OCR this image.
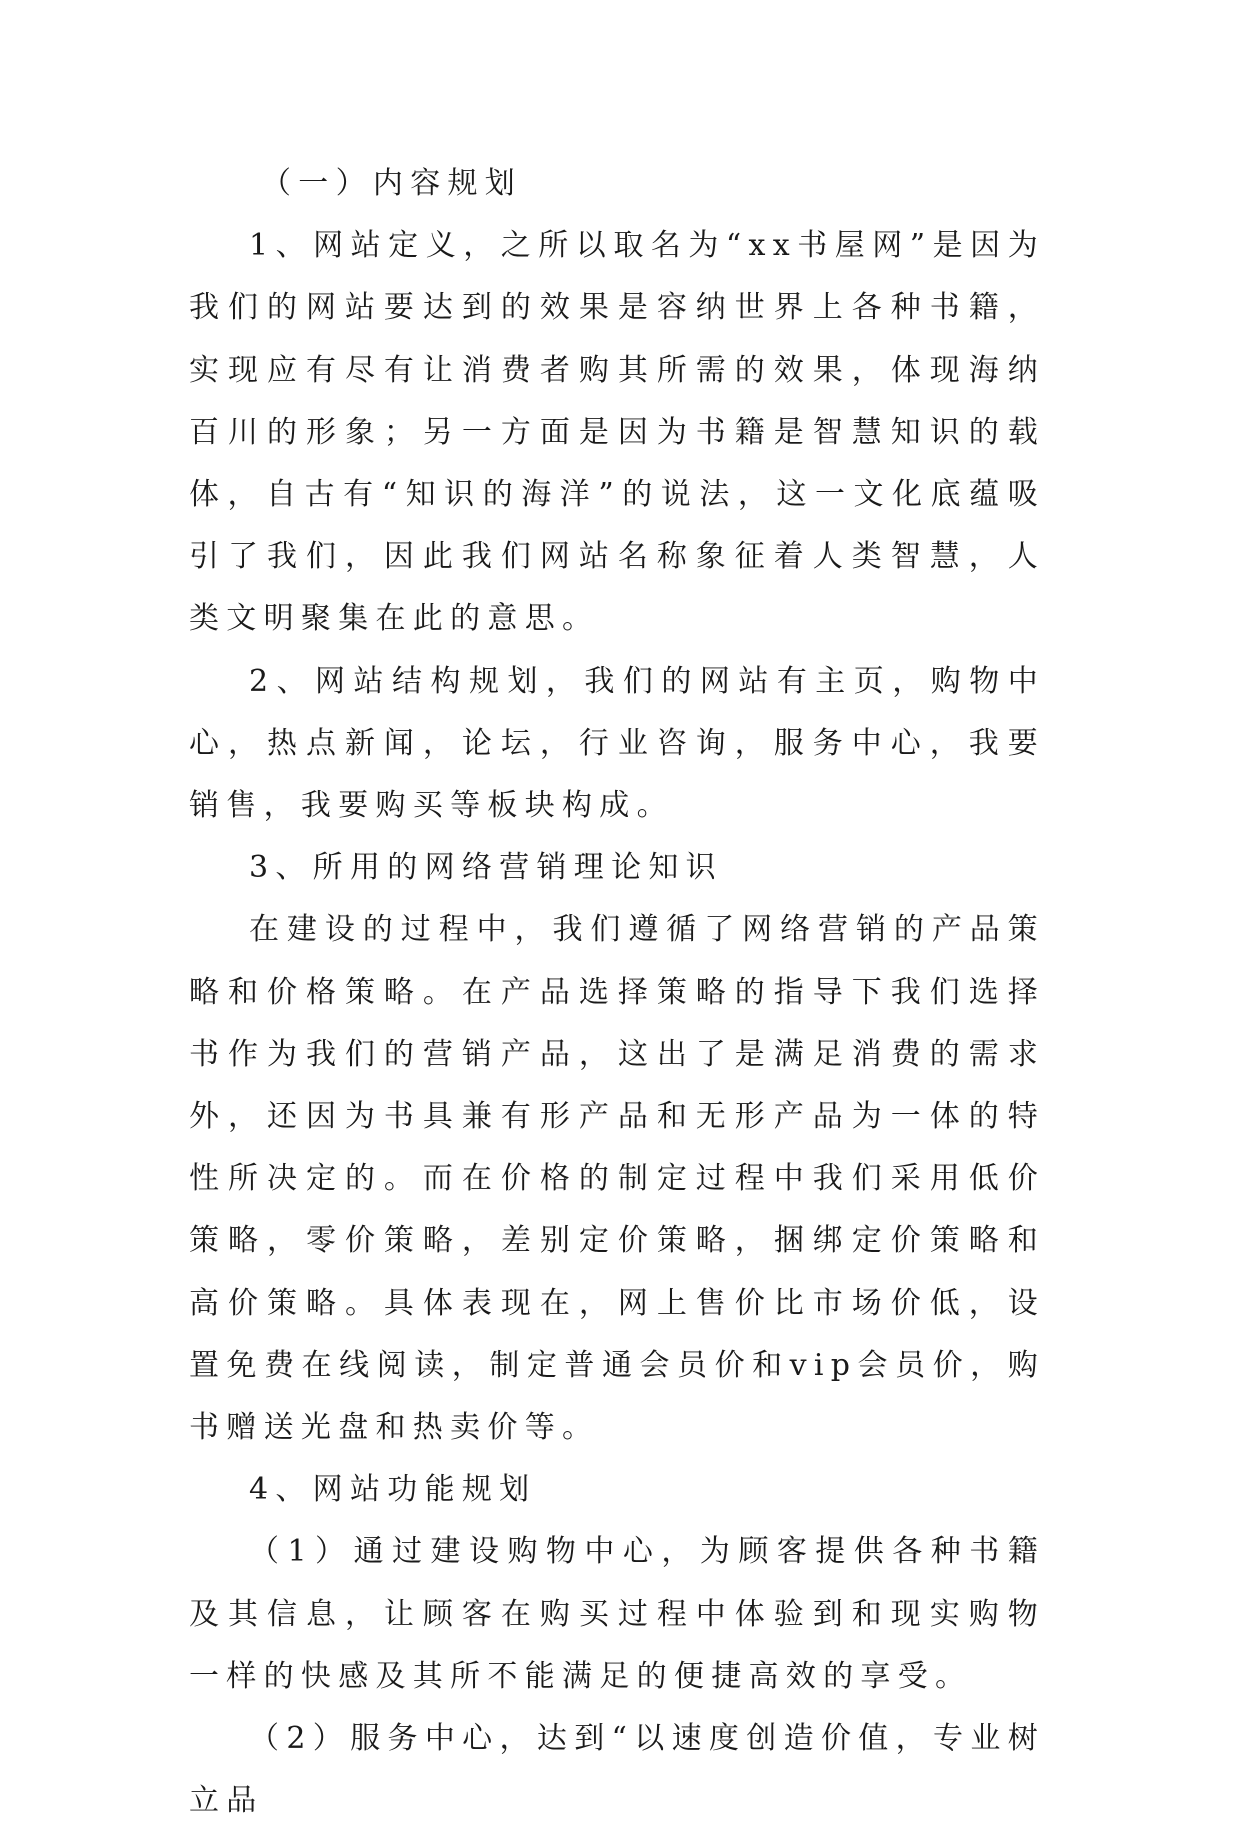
（一）内容规划

1、网站定义，之所以取名为“xx书屋网”是因为我们的网站要达到的效果是容纳世界上各种书籍，实现应有尽有让消费者购其所需的效果，体现海纳百川的形象；另一方面是因为书籍是智慧知识的载体，自古有“知识的海洋”的说法，这一文化底蕴吸引了我们，因此我们网站名称象征着人类智慧，人类文明聚集在此的意思。

2、网站结构规划，我们的网站有主页，购物中心，热点新闻，论坛，行业咨询，服务中心，我要销售，我要购买等板块构成。

3、所用的网络营销理论知识

在建设的过程中，我们遵循了网络营销的产品策略和价格策略。在产品选择策略的指导下我们选择书作为我们的营销产品，这出了是满足消费的需求外，还因为书具兼有形产品和无形产品为一体的特性所决定的。而在价格的制定过程中我们采用低价策略，零价策略，差别定价策略，捆绑定价策略和高价策略。具体表现在，网上售价比市场价低，设置免费在线阅读，制定普通会员价和vip会员价，购书赠送光盘和热卖价等。

4、网站功能规划

（1）通过建设购物中心，为顾客提供各种书籍及其信息，让顾客在购买过程中体验到和现实购物一样的快感及其所不能满足的便捷高效的享受。

（2）服务中心，达到“以速度创造价值，专业树立品
